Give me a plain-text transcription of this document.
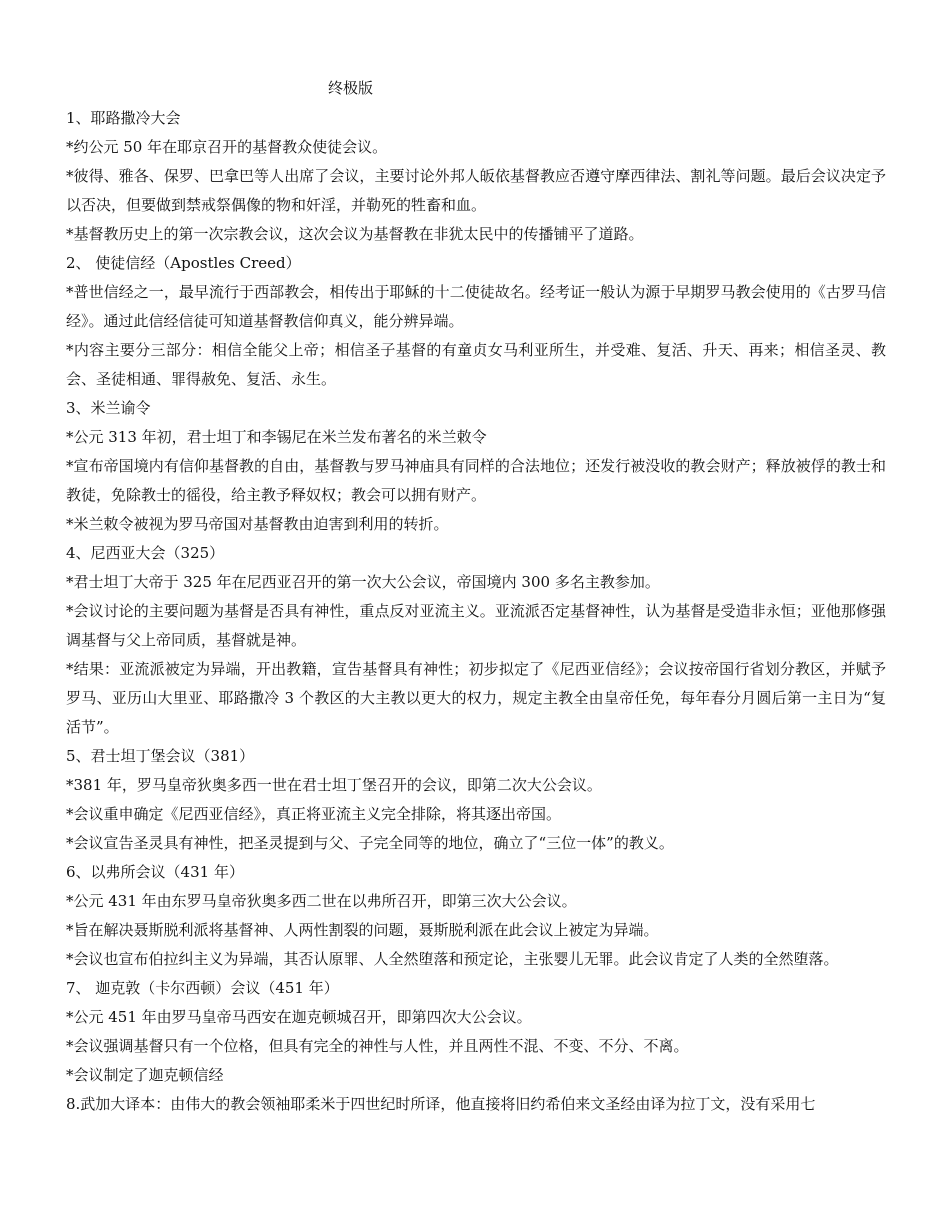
终极版
1、耶路撒冷大会
*约公元 50 年在耶京召开的基督教众使徒会议。
*彼得、雅各、保罗、巴拿巴等人出席了会议，主要讨论外邦人皈依基督教应否遵守摩西律法、割礼等问题。最后会议决定予以否决，但要做到禁戒祭偶像的物和奸淫，并勒死的牲畜和血。
*基督教历史上的第一次宗教会议，这次会议为基督教在非犹太民中的传播铺平了道路。
2、 使徒信经（Apostles Creed）
*普世信经之一，最早流行于西部教会，相传出于耶稣的十二使徒故名。经考证一般认为源于早期罗马教会使用的《古罗马信经》。通过此信经信徒可知道基督教信仰真义，能分辨异端。
*内容主要分三部分：相信全能父上帝；相信圣子基督的有童贞女马利亚所生，并受难、复活、升天、再来；相信圣灵、教会、圣徒相通、罪得赦免、复活、永生。
3、米兰谕令
*公元 313 年初，君士坦丁和李锡尼在米兰发布著名的米兰敕令
*宣布帝国境内有信仰基督教的自由，基督教与罗马神庙具有同样的合法地位；还发行被没收的教会财产；释放被俘的教士和教徒，免除教士的徭役，给主教予释奴权；教会可以拥有财产。
*米兰敕令被视为罗马帝国对基督教由迫害到利用的转折。
4、尼西亚大会（325）
*君士坦丁大帝于 325 年在尼西亚召开的第一次大公会议，帝国境内 300 多名主教参加。
*会议讨论的主要问题为基督是否具有神性，重点反对亚流主义。亚流派否定基督神性，认为基督是受造非永恒；亚他那修强调基督与父上帝同质，基督就是神。
*结果：亚流派被定为异端，开出教籍，宣告基督具有神性；初步拟定了《尼西亚信经》；会议按帝国行省划分教区，并赋予罗马、亚历山大里亚、耶路撒冷 3 个教区的大主教以更大的权力，规定主教全由皇帝任免，每年春分月圆后第一主日为“复活节”。
5、君士坦丁堡会议（381）
*381 年，罗马皇帝狄奥多西一世在君士坦丁堡召开的会议，即第二次大公会议。
*会议重申确定《尼西亚信经》，真正将亚流主义完全排除，将其逐出帝国。
*会议宣告圣灵具有神性，把圣灵提到与父、子完全同等的地位，确立了“三位一体”的教义。
6、以弗所会议（431 年）
*公元 431 年由东罗马皇帝狄奥多西二世在以弗所召开，即第三次大公会议。
*旨在解决聂斯脱利派将基督神、人两性割裂的问题，聂斯脱利派在此会议上被定为异端。
*会议也宣布伯拉纠主义为异端，其否认原罪、人全然堕落和预定论，主张婴儿无罪。此会议肯定了人类的全然堕落。
7、 迦克敦（卡尔西顿）会议（451 年）
*公元 451 年由罗马皇帝马西安在迦克顿城召开，即第四次大公会议。
*会议强调基督只有一个位格，但具有完全的神性与人性，并且两性不混、不变、不分、不离。
*会议制定了迦克顿信经
8.武加大译本：由伟大的教会领袖耶柔米于四世纪时所译，他直接将旧约希伯来文圣经由译为拉丁文，没有采用七
